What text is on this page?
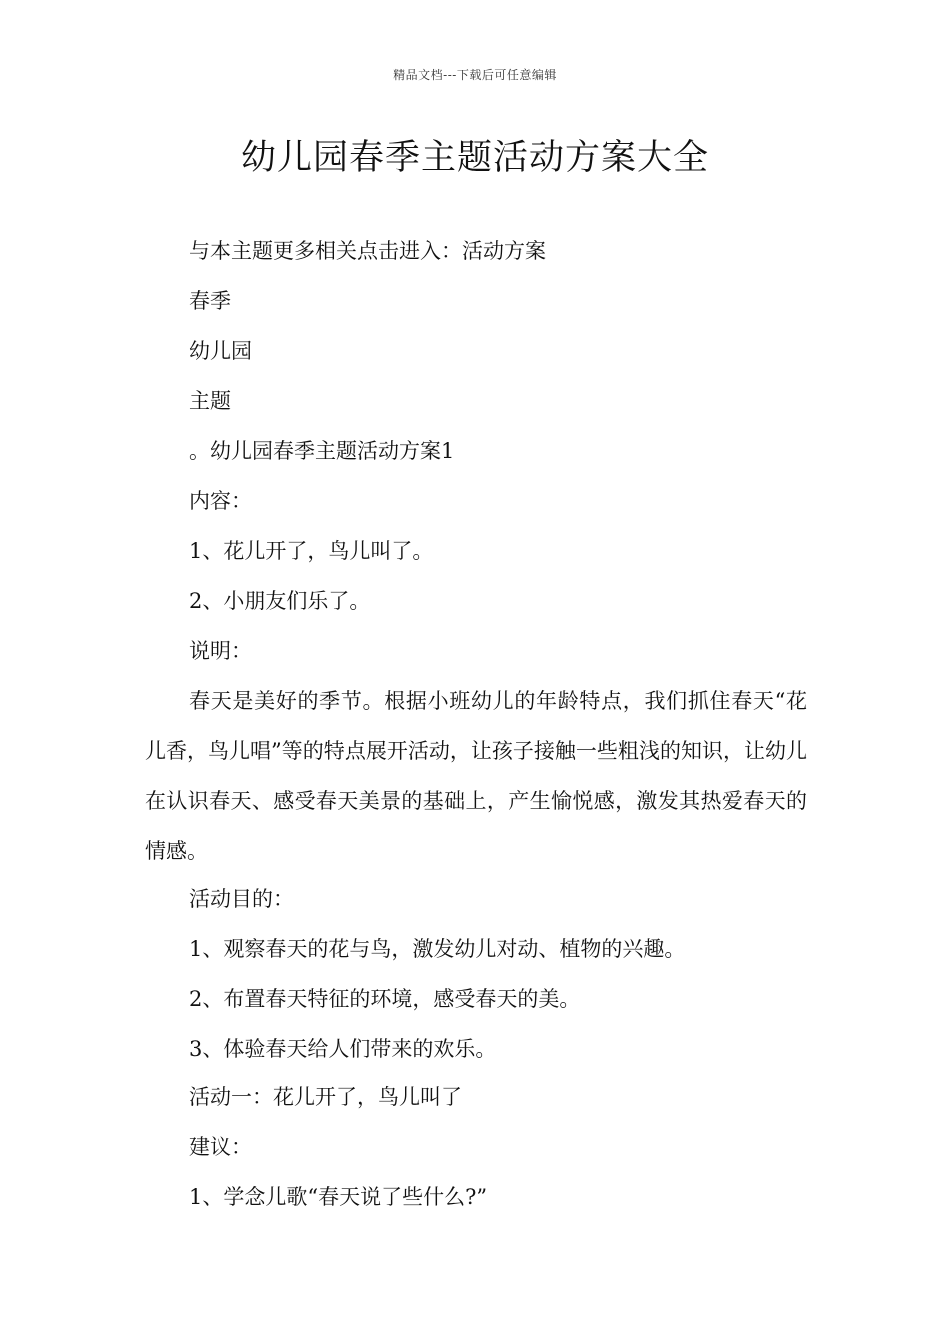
精品文档---下载后可任意编辑
幼儿园春季主题活动方案大全

与本主题更多相关点击进入：活动方案

春季

幼儿园

主题

。幼儿园春季主题活动方案1

内容：

1、花儿开了，鸟儿叫了。

2、小朋友们乐了。

说明：

春天是美好的季节。根据小班幼儿的年龄特点，我们抓住春天“花儿香，鸟儿唱”等的特点展开活动，让孩子接触一些粗浅的知识，让幼儿在认识春天、感受春天美景的基础上，产生愉悦感，激发其热爱春天的情感。

活动目的：

1、观察春天的花与鸟，激发幼儿对动、植物的兴趣。

2、布置春天特征的环境，感受春天的美。

3、体验春天给人们带来的欢乐。

活动一：花儿开了，鸟儿叫了

建议：

1、学念儿歌“春天说了些什么?”
